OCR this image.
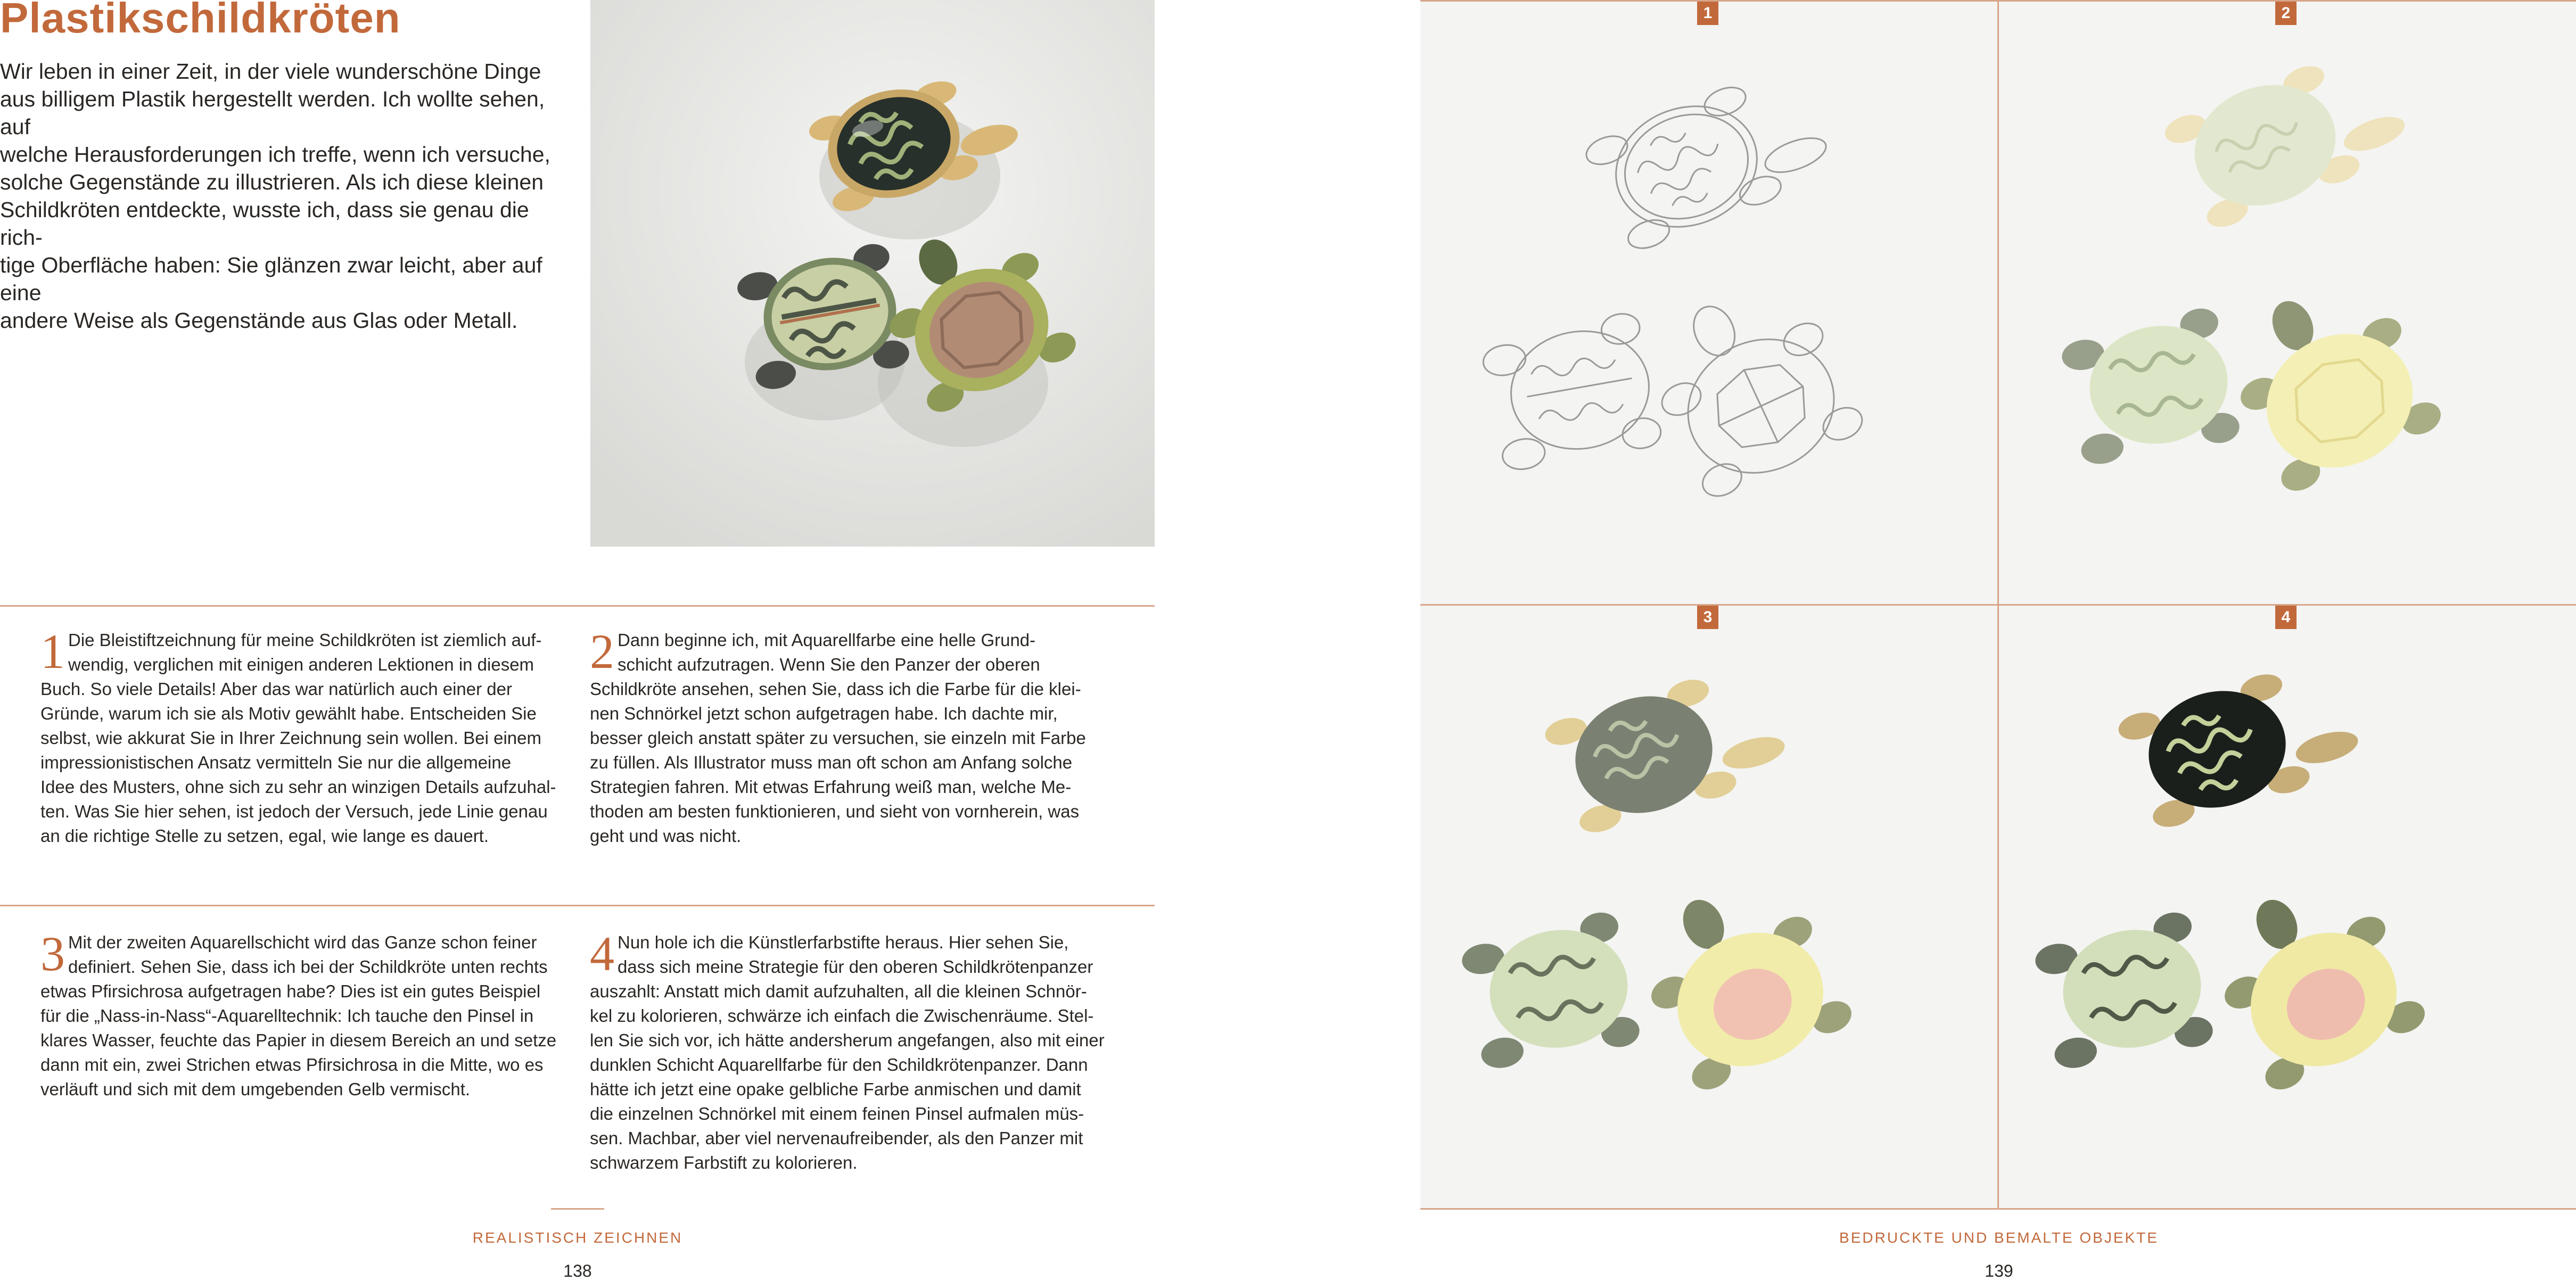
Plastikschildkröten
Wir leben in einer Zeit, in der viele wunderschöne Dinge
aus billigem Plastik hergestellt werden. Ich wollte sehen, auf
welche Herausforderungen ich treffe, wenn ich versuche,
solche Gegenstände zu illustrieren. Als ich diese kleinen
Schildkröten entdeckte, wusste ich, dass sie genau die rich-
tige Oberfläche haben: Sie glänzen zwar leicht, aber auf eine
andere Weise als Gegenstände aus Glas oder Metall.
1 Die Bleistiftzeichnung für meine Schildkröten ist ziemlich auf-
wendig, verglichen mit einigen anderen Lektionen in diesem
Buch. So viele Details! Aber das war natürlich auch einer der
Gründe, warum ich sie als Motiv gewählt habe. Entscheiden Sie
selbst, wie akkurat Sie in Ihrer Zeichnung sein wollen. Bei einem
impressionistischen Ansatz vermitteln Sie nur die allgemeine
Idee des Musters, ohne sich zu sehr an winzigen Details aufzuhal-
ten. Was Sie hier sehen, ist jedoch der Versuch, jede Linie genau
an die richtige Stelle zu setzen, egal, wie lange es dauert.
2 Dann beginne ich, mit Aquarellfarbe eine helle Grund-
schicht aufzutragen. Wenn Sie den Panzer der oberen
Schildkröte ansehen, sehen Sie, dass ich die Farbe für die klei-
nen Schnörkel jetzt schon aufgetragen habe. Ich dachte mir,
besser gleich anstatt später zu versuchen, sie einzeln mit Farbe
zu füllen. Als Illustrator muss man oft schon am Anfang solche
Strategien fahren. Mit etwas Erfahrung weiß man, welche Me-
thoden am besten funktionieren, und sieht von vornherein, was
geht und was nicht.
3 Mit der zweiten Aquarellschicht wird das Ganze schon feiner
definiert. Sehen Sie, dass ich bei der Schildkröte unten rechts
etwas Pfirsichrosa aufgetragen habe? Dies ist ein gutes Beispiel
für die „Nass-in-Nass“-Aquarelltechnik: Ich tauche den Pinsel in
klares Wasser, feuchte das Papier in diesem Bereich an und setze
dann mit ein, zwei Strichen etwas Pfirsichrosa in die Mitte, wo es
verläuft und sich mit dem umgebenden Gelb vermischt.
4 Nun hole ich die Künstlerfarbstifte heraus. Hier sehen Sie,
dass sich meine Strategie für den oberen Schildkrötenpanzer
auszahlt: Anstatt mich damit aufzuhalten, all die kleinen Schnör-
kel zu kolorieren, schwärze ich einfach die Zwischenräume. Stel-
len Sie sich vor, ich hätte andersherum angefangen, also mit einer
dunklen Schicht Aquarellfarbe für den Schildkrötenpanzer. Dann
hätte ich jetzt eine opake gelbliche Farbe anmischen und damit
die einzelnen Schnörkel mit einem feinen Pinsel aufmalen müs-
sen. Machbar, aber viel nervenaufreibender, als den Panzer mit
schwarzem Farbstift zu kolorieren.
REALISTISCH ZEICHNEN
138
1	2
3	4
BEDRUCKTE UND BEMALTE OBJEKTE
139
